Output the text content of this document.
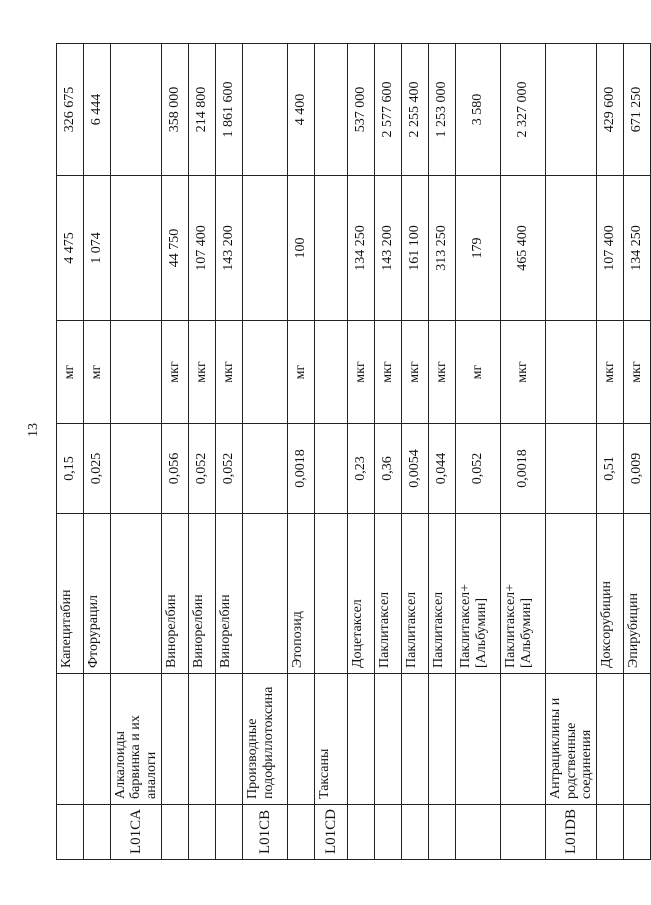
13
		Капецитабин	0,15	мг	4 475	326 675
		Фторурацил	0,025	мг	1 074	6 444
L01CA	Алкалоиды барвинка и их аналоги					
		Винорелбин	0,056	мкг	44 750	358 000
		Винорелбин	0,052	мкг	107 400	214 800
		Винорелбин	0,052	мкг	143 200	1 861 600
L01CB	Производные подофиллотоксина					
		Этопозид	0,0018	мг	100	4 400
L01CD	Таксаны					
		Доцетаксел	0,23	мкг	134 250	537 000
		Паклитаксел	0,36	мкг	143 200	2 577 600
		Паклитаксел	0,0054	мкг	161 100	2 255 400
		Паклитаксел	0,044	мкг	313 250	1 253 000
		Паклитаксел+ [Альбумин]	0,052	мг	179	3 580
		Паклитаксел+ [Альбумин]	0,0018	мкг	465 400	2 327 000
L01DB	Антрациклины и родственные соединения					
		Доксорубицин	0,51	мкг	107 400	429 600
		Эпирубицин	0,009	мкг	134 250	671 250
